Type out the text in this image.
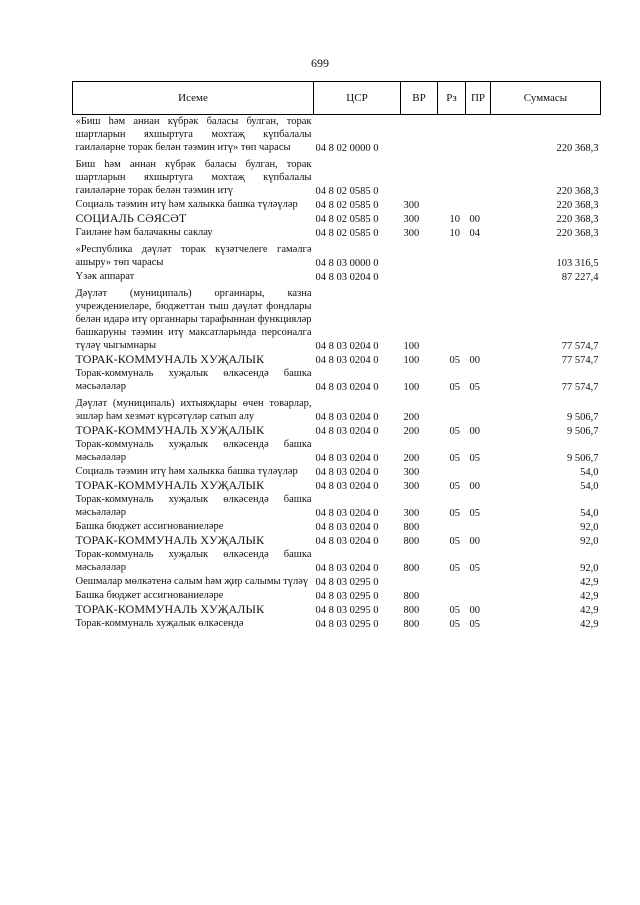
699
Исеме	ЦСР	ВР	Рз	ПР	Суммасы
«Биш һәм аннан күбрәк баласы булган, торак шартларын яхшыртуга мохтаҗ күпбалалы гаиләләрне торак белән тәэмин итү» төп чарасы	04 8 02 0000 0				220 368,3
Биш һәм аннан күбрәк баласы булган, торак шартларын яхшыртуга мохтаҗ күпбалалы гаиләләрне торак белән тәэмин итү	04 8 02 0585 0				220 368,3
Социаль тәэмин итү һәм халыкка башка түләүләр	04 8 02 0585 0	300			220 368,3
СОЦИАЛЬ СӘЯСӘТ	04 8 02 0585 0	300	10	00	220 368,3
Гаиләне һәм балачакны саклау	04 8 02 0585 0	300	10	04	220 368,3
«Республика дәүләт торак күзәтчелеге гамәлгә ашыру» төп чарасы	04 8 03 0000 0				103 316,5
Үзәк аппарат	04 8 03 0204 0				87 227,4
Дәүләт (муниципаль) органнары, казна учреждениеләре, бюджеттан тыш дәүләт фондлары белән идарә итү органнары тарафыннан функцияләр башкаруны тәэмин итү максатларында персоналга түләү чыгымнары	04 8 03 0204 0	100			77 574,7
ТОРАК-КОММУНАЛЬ ХУҖАЛЫК	04 8 03 0204 0	100	05	00	77 574,7
Торак-коммуналь хуҗалык өлкәсендә башка мәсьәләләр	04 8 03 0204 0	100	05	05	77 574,7
Дәүләт (муниципаль) ихтыяҗлары өчен товарлар, эшләр һәм хезмәт күрсәтүләр сатып алу	04 8 03 0204 0	200			9 506,7
ТОРАК-КОММУНАЛЬ ХУҖАЛЫК	04 8 03 0204 0	200	05	00	9 506,7
Торак-коммуналь хуҗалык өлкәсендә башка мәсьәләләр	04 8 03 0204 0	200	05	05	9 506,7
Социаль тәэмин итү һәм халыкка башка түләүләр	04 8 03 0204 0	300			54,0
ТОРАК-КОММУНАЛЬ ХУҖАЛЫК	04 8 03 0204 0	300	05	00	54,0
Торак-коммуналь хуҗалык өлкәсендә башка мәсьәләләр	04 8 03 0204 0	300	05	05	54,0
Башка бюджет ассигнованиеләре	04 8 03 0204 0	800			92,0
ТОРАК-КОММУНАЛЬ ХУҖАЛЫК	04 8 03 0204 0	800	05	00	92,0
Торак-коммуналь хуҗалык өлкәсендә башка мәсьәләләр	04 8 03 0204 0	800	05	05	92,0
Оешмалар мөлкәтенә салым һәм җир салымы түләү	04 8 03 0295 0				42,9
Башка бюджет ассигнованиеләре	04 8 03 0295 0	800			42,9
ТОРАК-КОММУНАЛЬ ХУҖАЛЫК	04 8 03 0295 0	800	05	00	42,9
Торак-коммуналь хуҗалык өлкәсендә	04 8 03 0295 0	800	05	05	42,9
